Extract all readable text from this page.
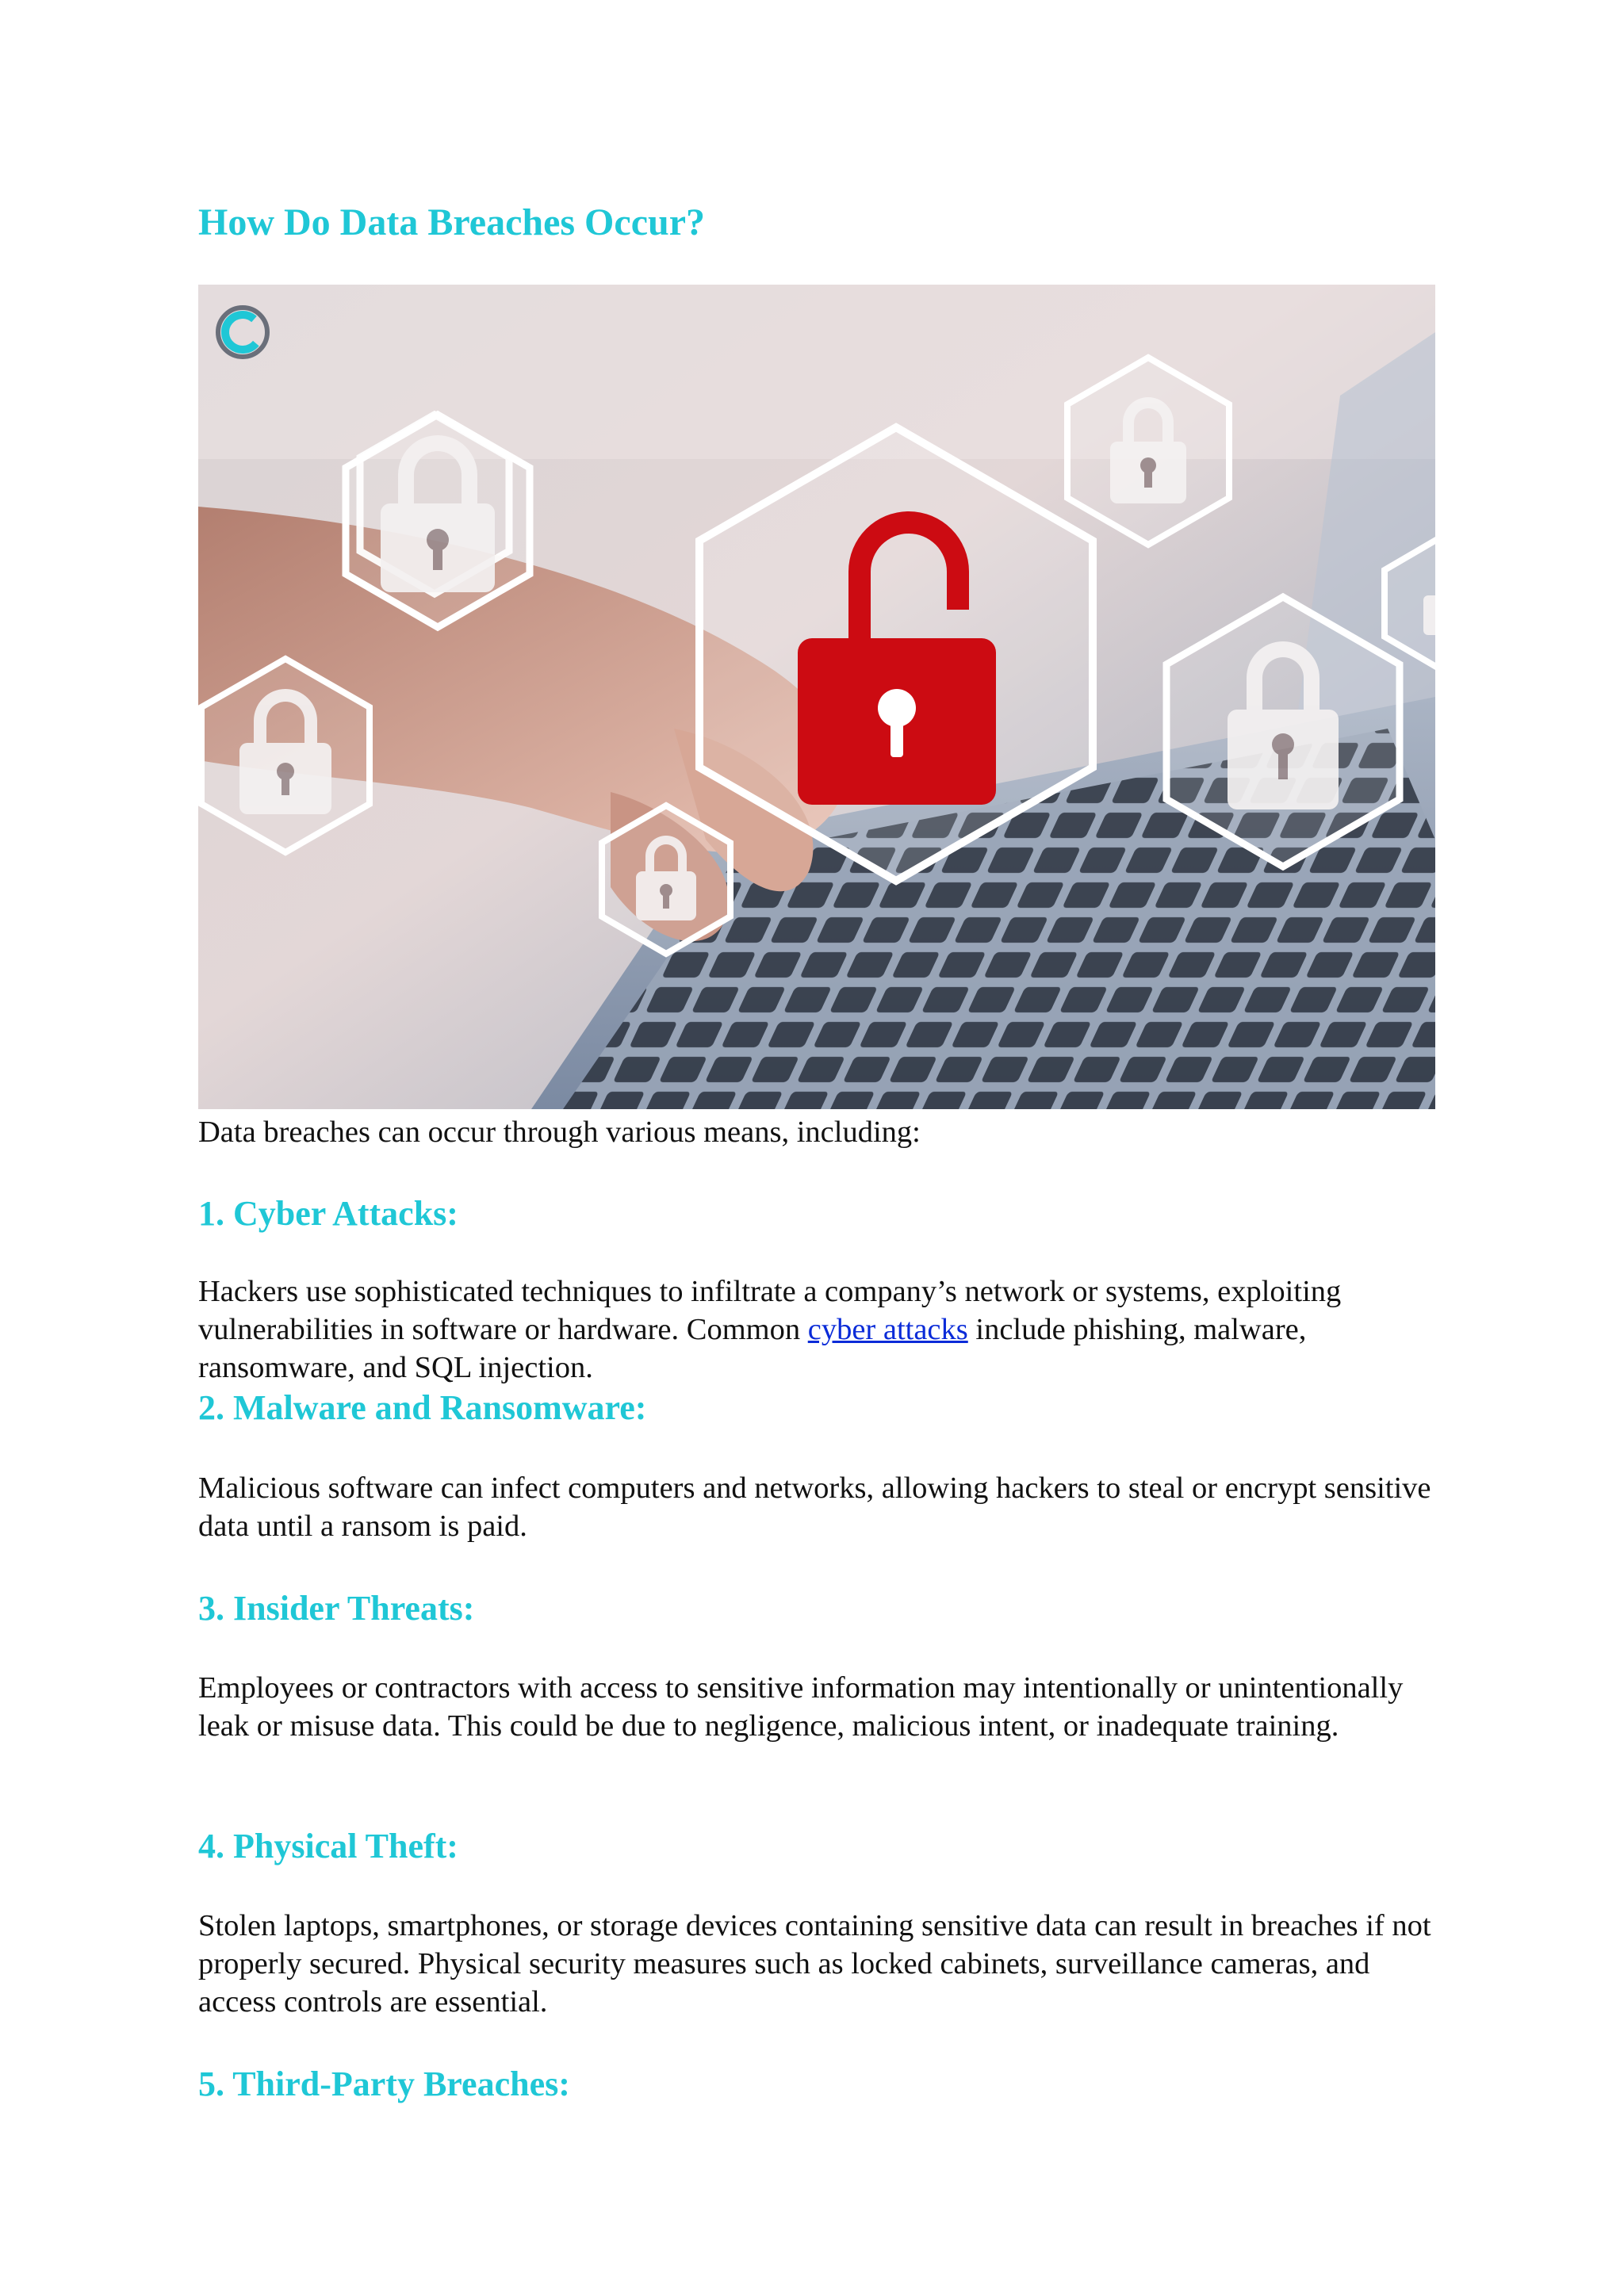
How Do Data Breaches Occur?

Data breaches can occur through various means, including:

1. Cyber Attacks:

Hackers use sophisticated techniques to infiltrate a company’s network or systems, exploiting vulnerabilities in software or hardware. Common cyber attacks include phishing, malware, ransomware, and SQL injection.

2. Malware and Ransomware:

Malicious software can infect computers and networks, allowing hackers to steal or encrypt sensitive data until a ransom is paid.

3. Insider Threats:

Employees or contractors with access to sensitive information may intentionally or unintentionally leak or misuse data. This could be due to negligence, malicious intent, or inadequate training.

4. Physical Theft:

Stolen laptops, smartphones, or storage devices containing sensitive data can result in breaches if not properly secured. Physical security measures such as locked cabinets, surveillance cameras, and access controls are essential.

5. Third-Party Breaches:
